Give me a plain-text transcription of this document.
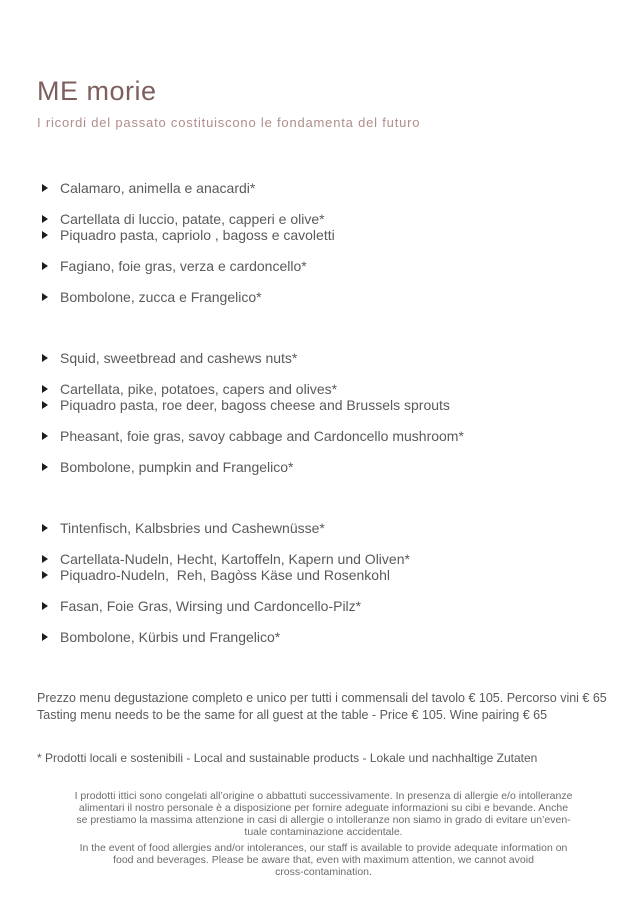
ME morie

I ricordi del passato costituiscono le fondamenta del futuro

Calamaro, animella e anacardi*
Cartellata di luccio, patate, capperi e olive*
Piquadro pasta, capriolo , bagoss e cavoletti
Fagiano, foie gras, verza e cardoncello*
Bombolone, zucca e Frangelico*
Squid, sweetbread and cashews nuts*
Cartellata, pike, potatoes, capers and olives*
Piquadro pasta, roe deer, bagoss cheese and Brussels sprouts
Pheasant, foie gras, savoy cabbage and Cardoncello mushroom*
Bombolone, pumpkin and Frangelico*
Tintenfisch, Kalbsbries und Cashewnüsse*
Cartellata-Nudeln, Hecht, Kartoffeln, Kapern und Oliven*
Piquadro-Nudeln,  Reh, Bagòss Käse und Rosenkohl
Fasan, Foie Gras, Wirsing und Cardoncello-Pilz*
Bombolone, Kürbis und Frangelico*
Prezzo menu degustazione completo e unico per tutti i commensali del tavolo € 105. Percorso vini € 65
Tasting menu needs to be the same for all guest at the table - Price € 105. Wine pairing € 65
* Prodotti locali e sostenibili - Local and sustainable products - Lokale und nachhaltige Zutaten
I prodotti ittici sono congelati all’origine o abbattuti successivamente. In presenza di allergie e/o intolleranze
alimentari il nostro personale è a disposizione per fornire adeguate informazioni su cibi e bevande. Anche
se prestiamo la massima attenzione in casi di allergie o intolleranze non siamo in grado di evitare un’even-
tuale contaminazione accidentale.
In the event of food allergies and/or intolerances, our staff is available to provide adequate information on
food and beverages. Please be aware that, even with maximum attention, we cannot avoid
cross-contamination.
